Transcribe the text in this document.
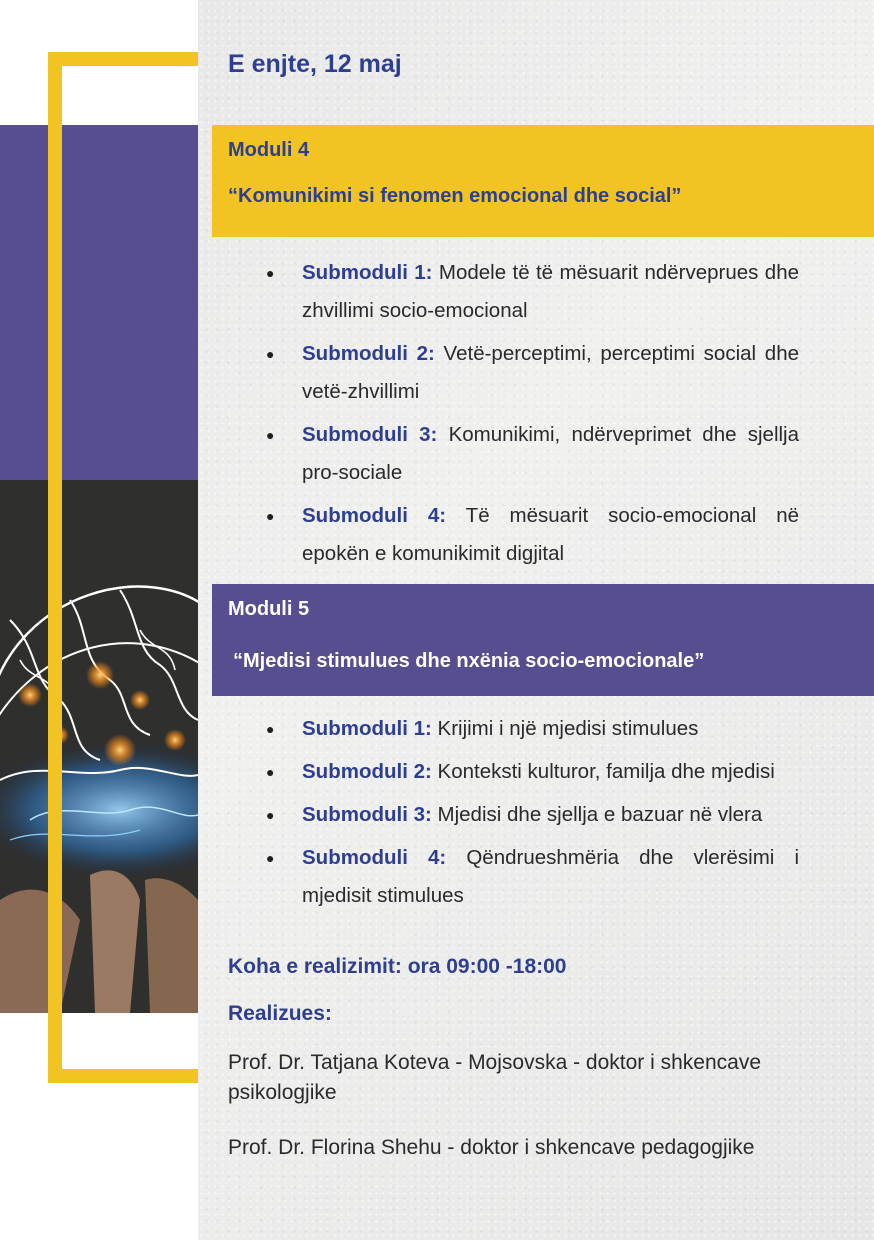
E enjte, 12 maj
Moduli 4
“Komunikimi si fenomen emocional dhe social”
● Submoduli 1: Modele të të mësuarit ndërveprues dhe zhvillimi socio-emocional
● Submoduli 2: Vetë-perceptimi, perceptimi social dhe vetë-zhvillimi
● Submoduli 3: Komunikimi, ndërveprimet dhe sjellja pro-sociale
● Submoduli 4: Të mësuarit socio-emocional në epokën e komunikimit digjital
Moduli 5
“Mjedisi stimulues dhe nxënia socio-emocionale”
● Submoduli 1: Krijimi i një mjedisi stimulues
● Submoduli 2: Konteksti kulturor, familja dhe mjedisi
● Submoduli 3: Mjedisi dhe sjellja e bazuar në vlera
● Submoduli 4: Qëndrueshmëria dhe vlerësimi i mjedisit stimulues
Koha e realizimit: ora 09:00 -18:00
Realizues:
Prof. Dr. Tatjana Koteva - Mojsovska - doktor i shkencave psikologjike
Prof. Dr. Florina Shehu - doktor i shkencave pedagogjike
